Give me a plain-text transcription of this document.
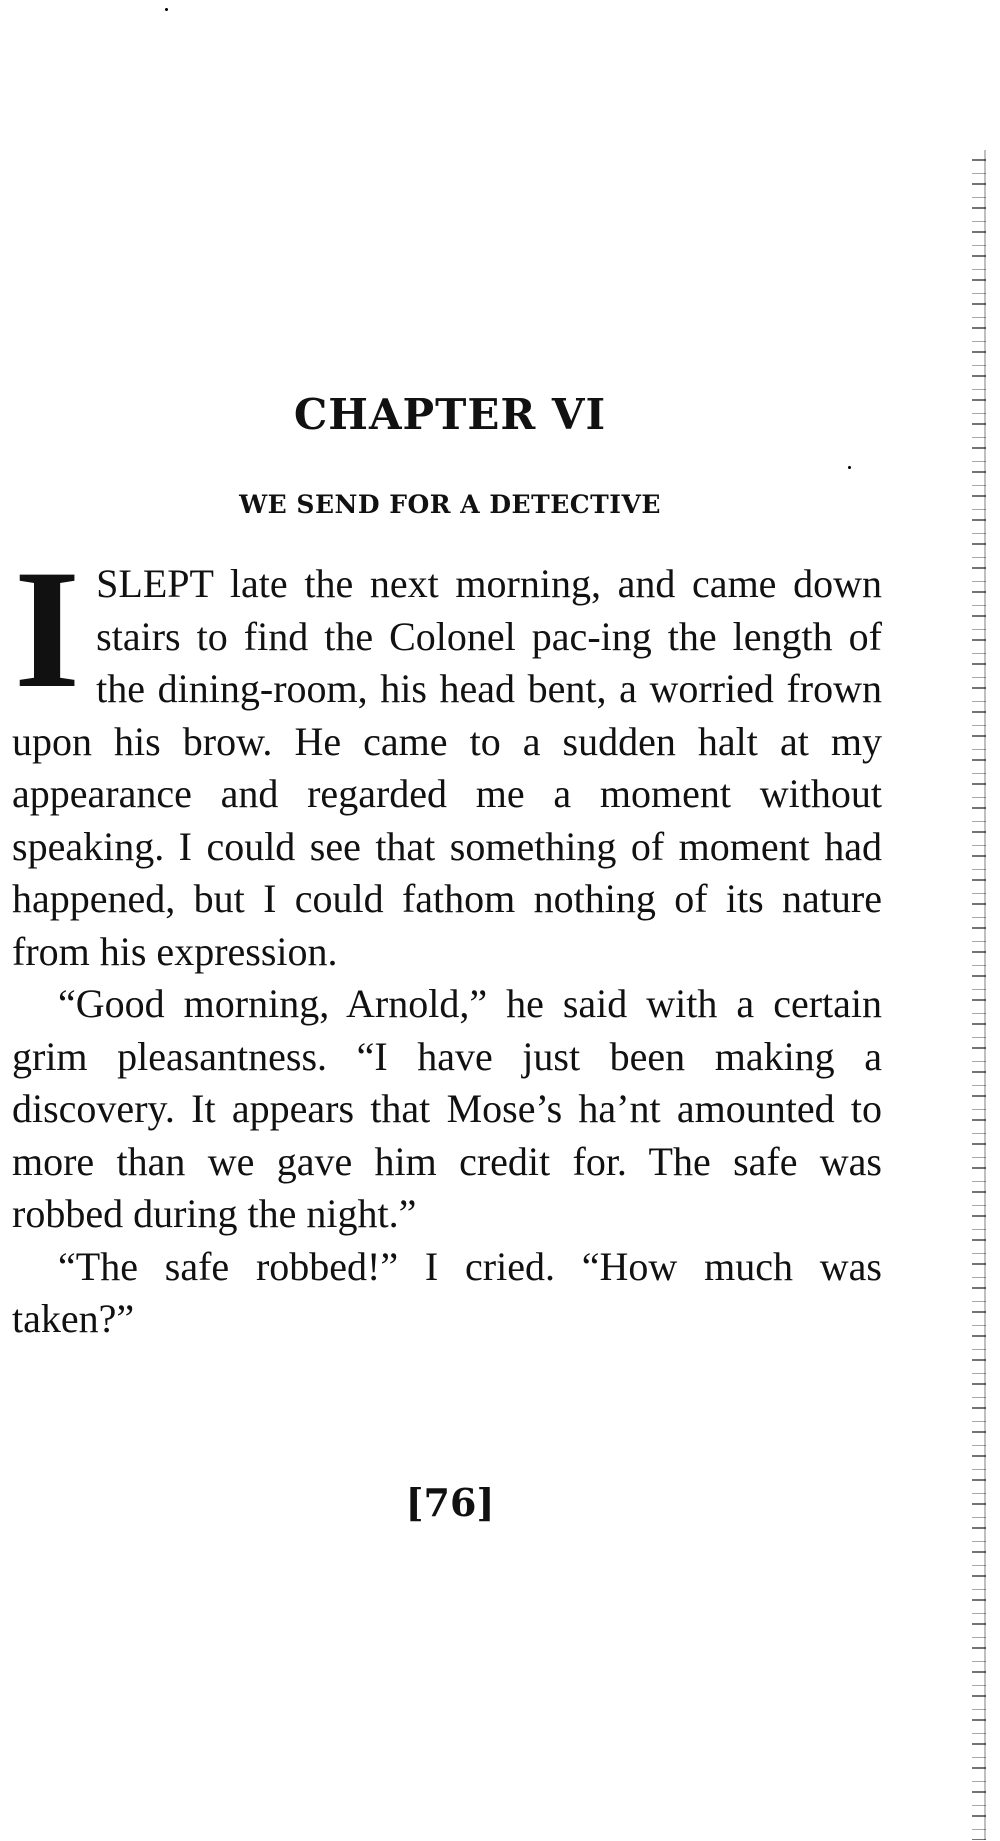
CHAPTER VI
WE SEND FOR A DETECTIVE

ISLEPT late the next morning, and came down stairs to find the Colonel pac-ing the length of the dining-room, his head bent, a worried frown upon his brow. He came to a sudden halt at my appearance and regarded me a moment without speaking. I could see that something of moment had happened, but I could fathom nothing of its nature from his expression.

“Good morning, Arnold,” he said with a certain grim pleasantness. “I have just been making a discovery. It appears that Mose’s ha’nt amounted to more than we gave him credit for. The safe was robbed during the night.”

“The safe robbed!” I cried. “How much was taken?”

[76]
